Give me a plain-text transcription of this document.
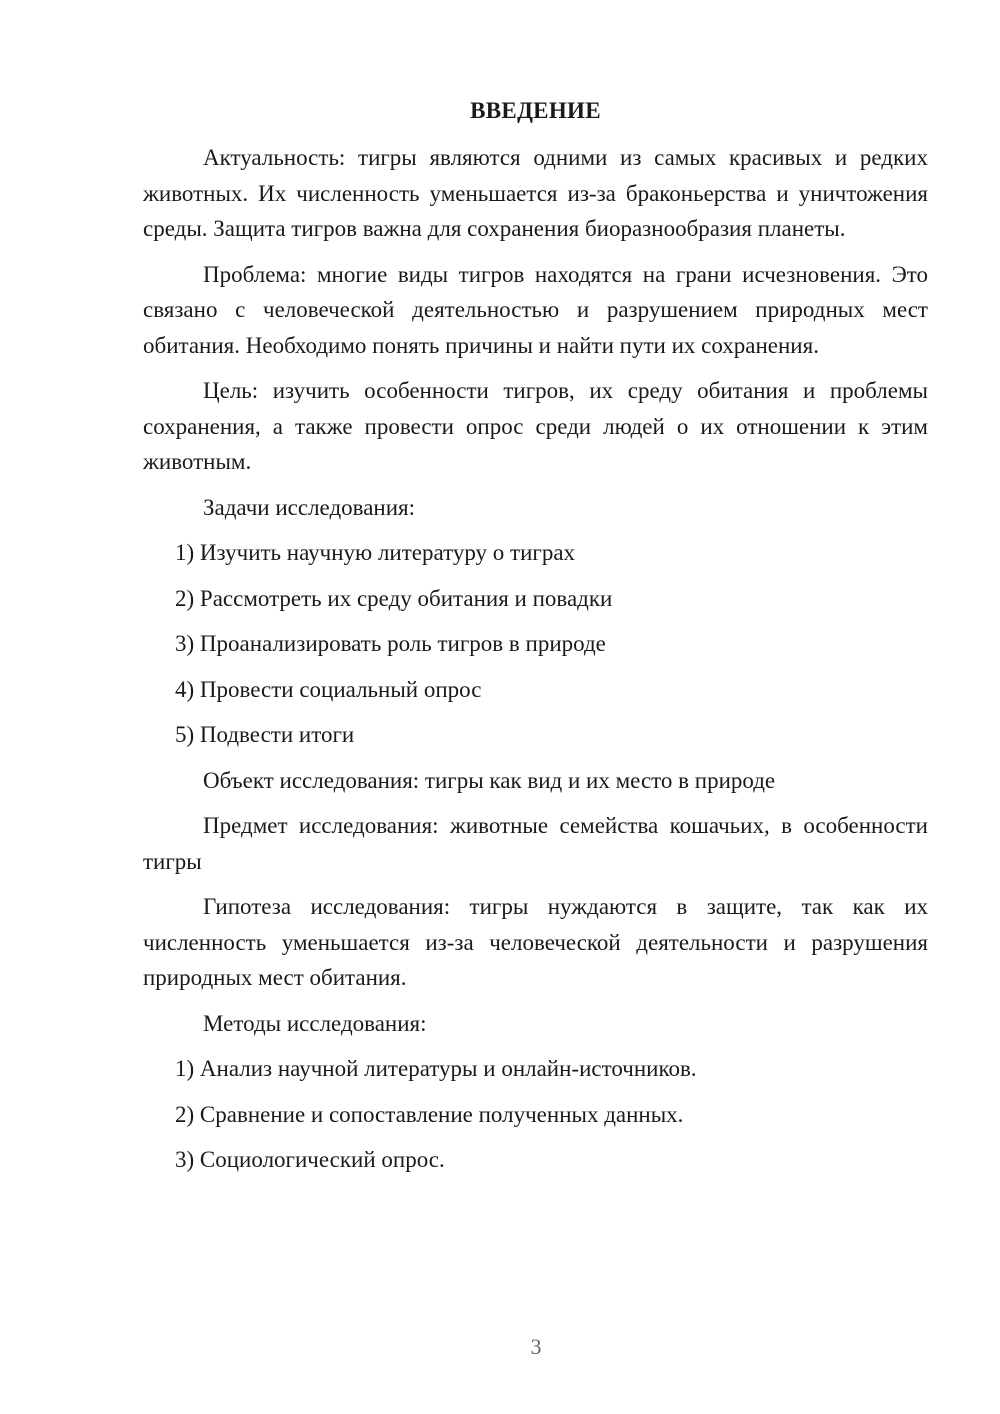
ВВЕДЕНИЕ

Актуальность: тигры являются одними из самых красивых и редких животных. Их численность уменьшается из-за браконьерства и уничтожения среды. Защита тигров важна для сохранения биоразнообразия планеты.

Проблема: многие виды тигров находятся на грани исчезновения. Это связано с человеческой деятельностью и разрушением природных мест обитания. Необходимо понять причины и найти пути их сохранения.

Цель: изучить особенности тигров, их среду обитания и проблемы сохранения, а также провести опрос среди людей о их отношении к этим животным.

Задачи исследования:
1) Изучить научную литературу о тиграх
2) Рассмотреть их среду обитания и повадки
3) Проанализировать роль тигров в природе
4) Провести социальный опрос
5) Подвести итоги

Объект исследования: тигры как вид и их место в природе

Предмет исследования: животные семейства кошачьих, в особенности тигры

Гипотеза исследования: тигры нуждаются в защите, так как их численность уменьшается из-за человеческой деятельности и разрушения природных мест обитания.

Методы исследования:
1) Анализ научной литературы и онлайн-источников.
2) Сравнение и сопоставление полученных данных.
3) Социологический опрос.
3
